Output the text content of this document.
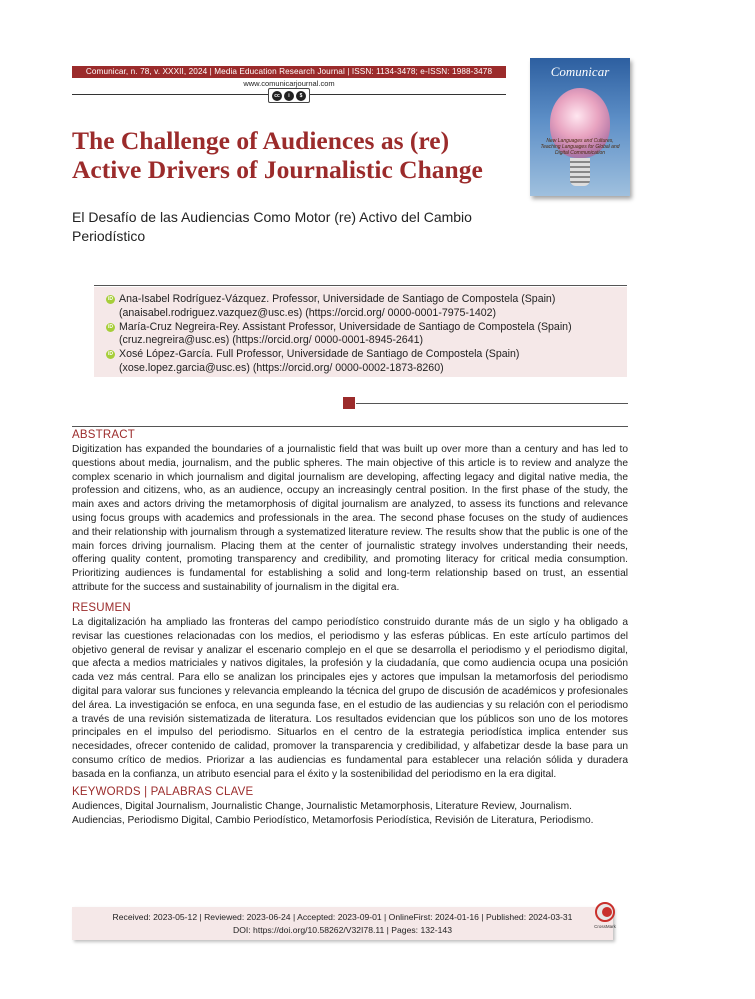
Comunicar, n. 78, v. XXXII, 2024 | Media Education Research Journal | ISSN: 1134-3478; e-ISSN: 1988-3478
www.comunicarjournal.com
cc	i	$
Comunicar
New Languages and Cultures, Teaching Languages for Global and Digital Communication
The Challenge of Audiences as (re) Active Drivers of Journalistic Change
El Desafío de las Audiencias Como Motor (re) Activo del Cambio Periodístico
iD Ana-Isabel Rodríguez-Vázquez. Professor, Universidade de Santiago de Compostela (Spain) (anaisabel.rodriguez.vazquez@usc.es) (https://orcid.org/ 0000-0001-7975-1402)
iD María-Cruz Negreira-Rey. Assistant Professor, Universidade de Santiago de Compostela (Spain) (cruz.negreira@usc.es) (https://orcid.org/ 0000-0001-8945-2641)
iD Xosé López-García. Full Professor, Universidade de Santiago de Compostela (Spain) (xose.lopez.garcia@usc.es) (https://orcid.org/ 0000-0002-1873-8260)
ABSTRACT

Digitization has expanded the boundaries of a journalistic field that was built up over more than a century and has led to questions about media, journalism, and the public spheres. The main objective of this article is to review and analyze the complex scenario in which journalism and digital journalism are developing, affecting legacy and digital native media, the profession and citizens, who, as an audience, occupy an increasingly central position. In the first phase of the study, the main axes and actors driving the metamorphosis of digital journalism are analyzed, to assess its functions and relevance using focus groups with academics and professionals in the area. The second phase focuses on the study of audiences and their relationship with journalism through a systematized literature review. The results show that the public is one of the main forces driving journalism. Placing them at the center of journalistic strategy involves understanding their needs, offering quality content, promoting transparency and credibility, and promoting literacy for critical media consumption. Prioritizing audiences is fundamental for establishing a solid and long-term relationship based on trust, an essential attribute for the success and sustainability of journalism in the digital era.

RESUMEN

La digitalización ha ampliado las fronteras del campo periodístico construido durante más de un siglo y ha obligado a revisar las cuestiones relacionadas con los medios, el periodismo y las esferas públicas. En este artículo partimos del objetivo general de revisar y analizar el escenario complejo en el que se desarrolla el periodismo y el periodismo digital, que afecta a medios matriciales y nativos digitales, la profesión y la ciudadanía, que como audiencia ocupa una posición cada vez más central. Para ello se analizan los principales ejes y actores que impulsan la metamorfosis del periodismo digital para valorar sus funciones y relevancia empleando la técnica del grupo de discusión de académicos y profesionales del área. La investigación se enfoca, en una segunda fase, en el estudio de las audiencias y su relación con el periodismo a través de una revisión sistematizada de literatura. Los resultados evidencian que los públicos son uno de los motores principales en el impulso del periodismo. Situarlos en el centro de la estrategia periodística implica entender sus necesidades, ofrecer contenido de calidad, promover la transparencia y credibilidad, y alfabetizar desde la base para un consumo crítico de medios. Priorizar a las audiencias es fundamental para establecer una relación sólida y duradera basada en la confianza, un atributo esencial para el éxito y la sostenibilidad del periodismo en la era digital.

KEYWORDS | PALABRAS CLAVE

Audiences, Digital Journalism, Journalistic Change, Journalistic Metamorphosis, Literature Review, Journalism.

Audiencias, Periodismo Digital, Cambio Periodístico, Metamorfosis Periodística, Revisión de Literatura, Periodismo.

Received: 2023-05-12 | Reviewed: 2023-06-24 | Accepted: 2023-09-01 | OnlineFirst: 2024-01-16 | Published: 2024-03-31
DOI: https://doi.org/10.58262/V32I78.11 | Pages: 132-143	CrossMark
